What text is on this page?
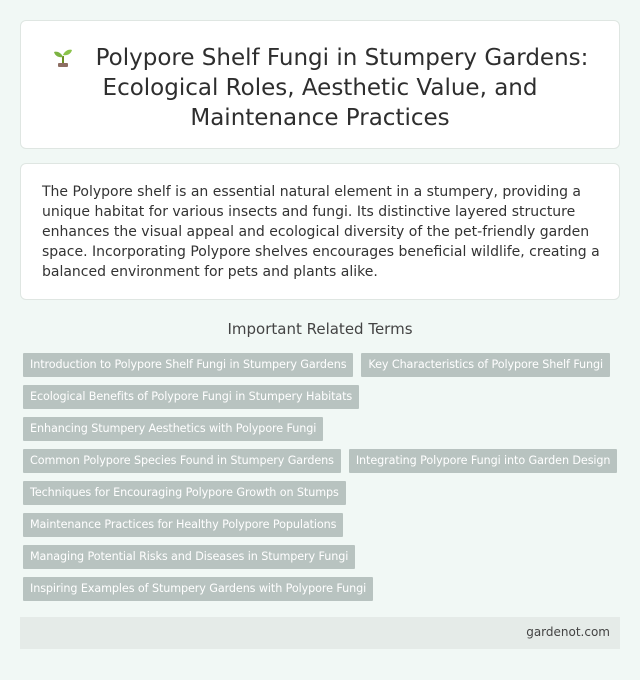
Polypore Shelf Fungi in Stumpery Gardens: Ecological Roles, Aesthetic Value, and Maintenance Practices

The Polypore shelf is an essential natural element in a stumpery, providing a unique habitat for various insects and fungi. Its distinctive layered structure enhances the visual appeal and ecological diversity of the pet-friendly garden space. Incorporating Polypore shelves encourages beneficial wildlife, creating a balanced environment for pets and plants alike.

Important Related Terms
Introduction to Polypore Shelf Fungi in Stumpery Gardens	Key Characteristics of Polypore Shelf Fungi
Ecological Benefits of Polypore Fungi in Stumpery Habitats
Enhancing Stumpery Aesthetics with Polypore Fungi
Common Polypore Species Found in Stumpery Gardens	Integrating Polypore Fungi into Garden Design
Techniques for Encouraging Polypore Growth on Stumps
Maintenance Practices for Healthy Polypore Populations
Managing Potential Risks and Diseases in Stumpery Fungi
Inspiring Examples of Stumpery Gardens with Polypore Fungi
gardenot.com
